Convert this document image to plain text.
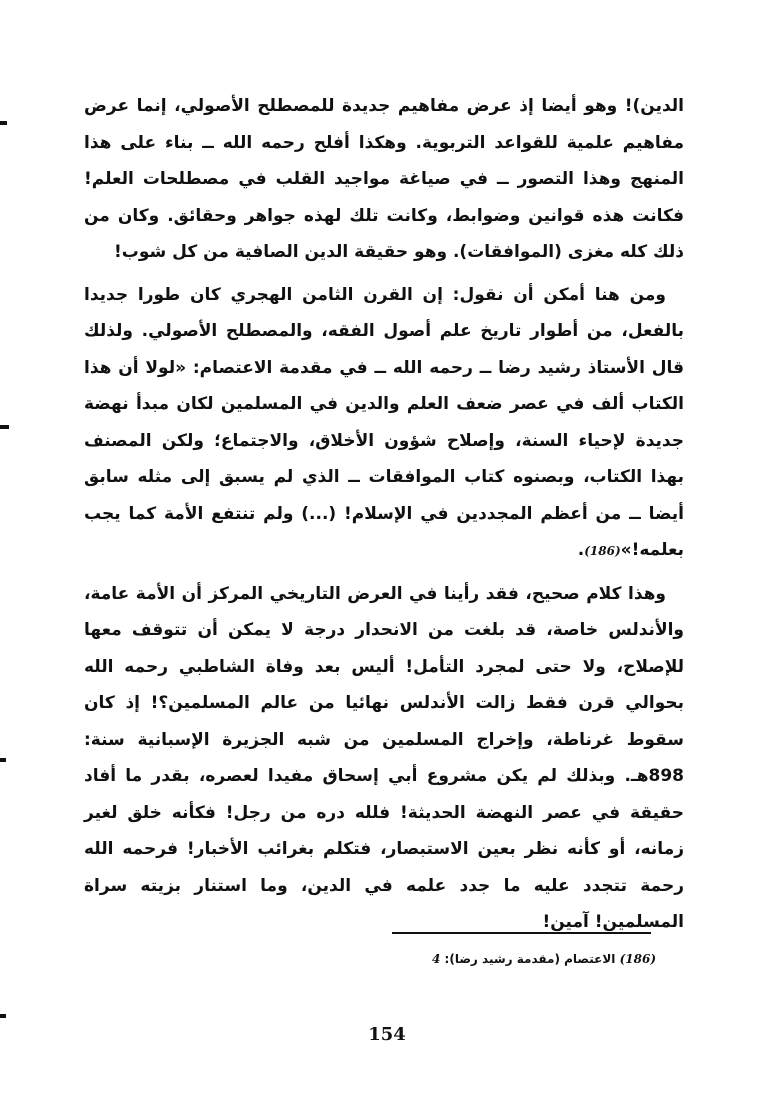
الدين)! وهو أيضا إذ عرض مفاهيم جديدة للمصطلح الأصولي، إنما عرض مفاهيم علمية للقواعد التربوية. وهكذا أفلح رحمه الله ــ بناء على هذا المنهج وهذا التصور ــ في صياغة مواجيد القلب في مصطلحات العلم! فكانت هذه قوانين وضوابط، وكانت تلك لهذه جواهر وحقائق. وكان من ذلك كله مغزى (الموافقات). وهو حقيقة الدين الصافية من كل شوب!

ومن هنا أمكن أن نقول: إن القرن الثامن الهجري كان طورا جديدا بالفعل، من أطوار تاريخ علم أصول الفقه، والمصطلح الأصولي. ولذلك قال الأستاذ رشيد رضا ــ رحمه الله ــ في مقدمة الاعتصام: «لولا أن هذا الكتاب ألف في عصر ضعف العلم والدين في المسلمين لكان مبدأ نهضة جديدة لإحياء السنة، وإصلاح شؤون الأخلاق، والاجتماع؛ ولكن المصنف بهذا الكتاب، وبصنوه كتاب الموافقات ــ الذي لم يسبق إلى مثله سابق أيضا ــ من أعظم المجددين في الإسلام! (...) ولم تنتفع الأمة كما يجب بعلمه!»(186).

وهذا كلام صحيح، فقد رأينا في العرض التاريخي المركز أن الأمة عامة، والأندلس خاصة، قد بلغت من الانحدار درجة لا يمكن أن تتوقف معها للإصلاح، ولا حتى لمجرد التأمل! أليس بعد وفاة الشاطبي رحمه الله بحوالي قرن فقط زالت الأندلس نهائيا من عالم المسلمين؟! إذ كان سقوط غرناطة، وإخراج المسلمين من شبه الجزيرة الإسبانية سنة: 898هـ. وبذلك لم يكن مشروع أبي إسحاق مفيدا لعصره، بقدر ما أفاد حقيقة في عصر النهضة الحديثة! فلله دره من رجل! فكأنه خلق لغير زمانه، أو كأنه نظر بعين الاستبصار، فتكلم بغرائب الأخبار! فرحمه الله رحمة تتجدد عليه ما جدد علمه في الدين، وما استنار بزيته سراة المسلمين! آمين!

(186) الاعتصام (مقدمة رشيد رضا): 4
154
